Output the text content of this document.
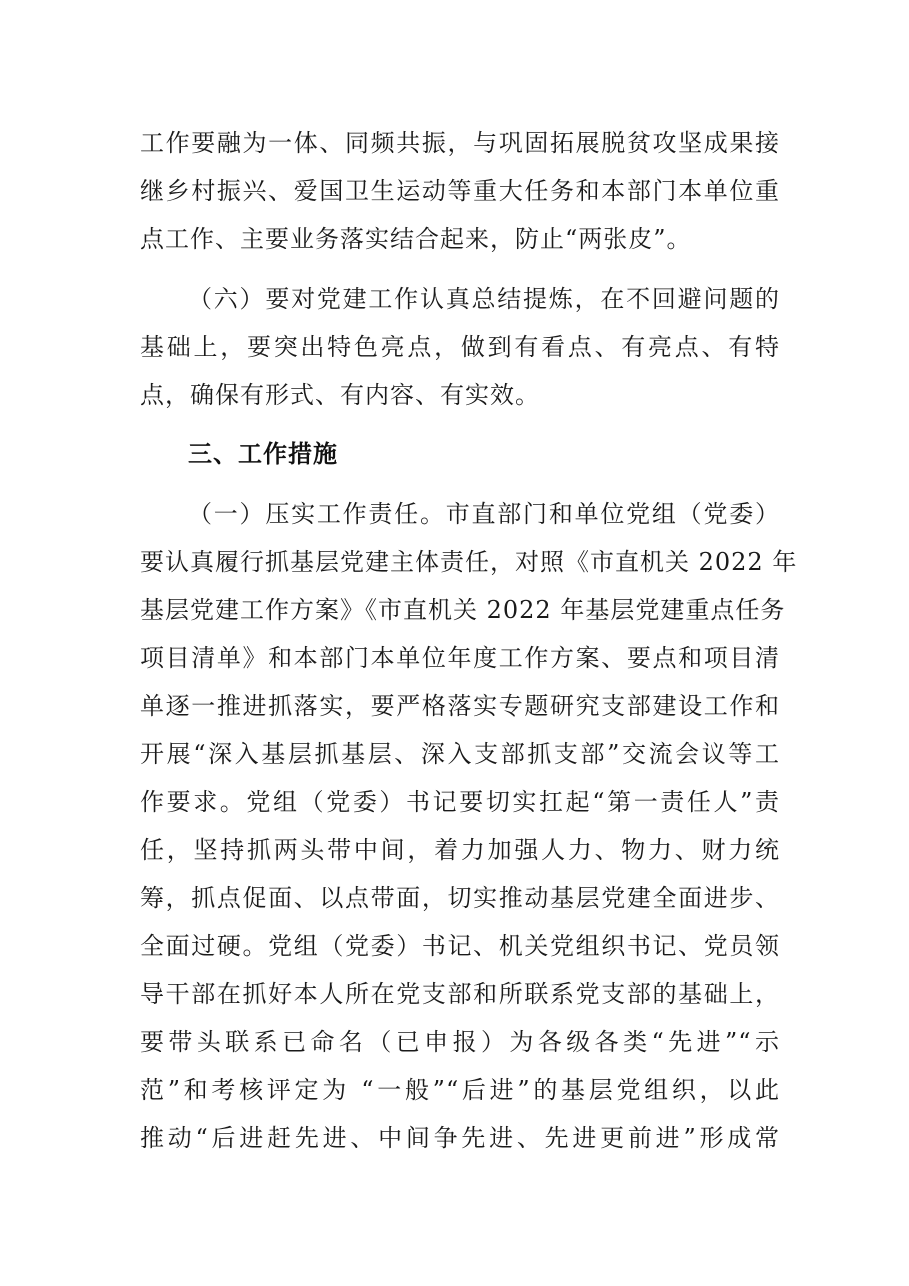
工作要融为一体、同频共振，与巩固拓展脱贫攻坚成果接
继乡村振兴、爱国卫生运动等重大任务和本部门本单位重
点工作、主要业务落实结合起来，防止“两张皮”。
（六）要对党建工作认真总结提炼，在不回避问题的
基础上，要突出特色亮点，做到有看点、有亮点、有特
点，确保有形式、有内容、有实效。
三、工作措施
（一）压实工作责任。市直部门和单位党组（党委）
要认真履行抓基层党建主体责任，对照《市直机关 2022 年
基层党建工作方案》《市直机关 2022 年基层党建重点任务
项目清单》和本部门本单位年度工作方案、要点和项目清
单逐一推进抓落实，要严格落实专题研究支部建设工作和
开展“深入基层抓基层、深入支部抓支部”交流会议等工
作要求。党组（党委）书记要切实扛起“第一责任人”责
任，坚持抓两头带中间，着力加强人力、物力、财力统
筹，抓点促面、以点带面，切实推动基层党建全面进步、
全面过硬。党组（党委）书记、机关党组织书记、党员领
导干部在抓好本人所在党支部和所联系党支部的基础上，
要带头联系已命名（已申报）为各级各类“先进”“示
范”和考核评定为 “一般”“后进”的基层党组织，以此
推动“后进赶先进、中间争先进、先进更前进”形成常
